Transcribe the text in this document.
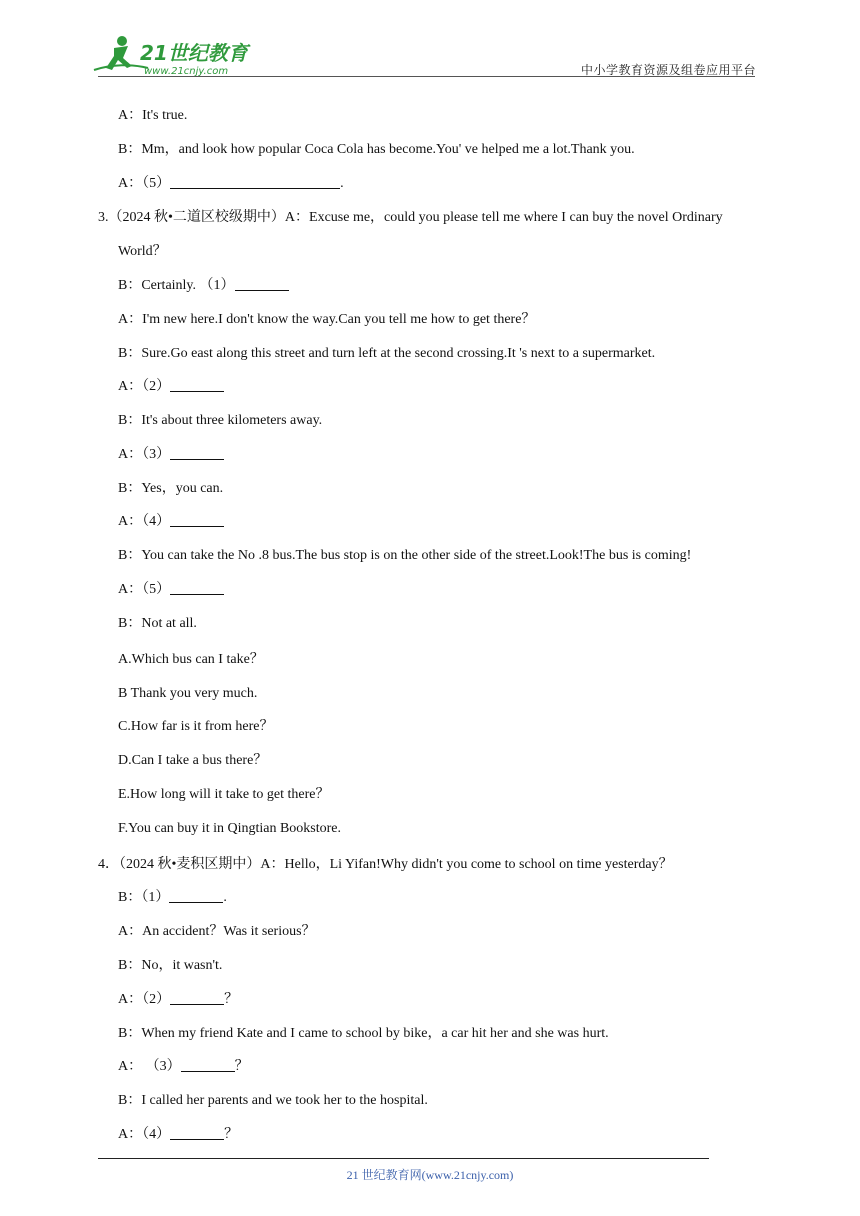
21世纪教育
www.21cnjy.com	中小学教育资源及组卷应用平台
A：It's true.
B：Mm，and look how popular Coca Cola has become.You' ve helped me a lot.Thank you.
A：（5）	.
3.（2024 秋•二道区校级期中）A：Excuse me，could you please tell me where I can buy the novel Ordinary
World？
B：Certainly. （1）
A：I'm new here.I don't know the way.Can you tell me how to get there？
B：Sure.Go east along this street and turn left at the second crossing.It 's next to a supermarket.
A：（2）
B：It's about three kilometers away.
A：（3）
B：Yes，you can.
A：（4）
B：You can take the No .8 bus.The bus stop is on the other side of the street.Look!The bus is coming!
A：（5）
B：Not at all.
A.Which bus can I take？
B Thank you very much.
C.How far is it from here？
D.Can I take a bus there？
E.How long will it take to get there？
F.You can buy it in Qingtian Bookstore.
4．（2024 秋•麦积区期中）A：Hello，Li Yifan!Why didn't you come to school on time yesterday？
B：（1）	.
A：An accident？Was it serious？
B：No，it wasn't.
A：（2）	？
B：When my friend Kate and I came to school by bike，a car hit her and she was hurt.
A： （3）	？
B：I called her parents and we took her to the hospital.
A：（4）	？
21 世纪教育网(www.21cnjy.com)
